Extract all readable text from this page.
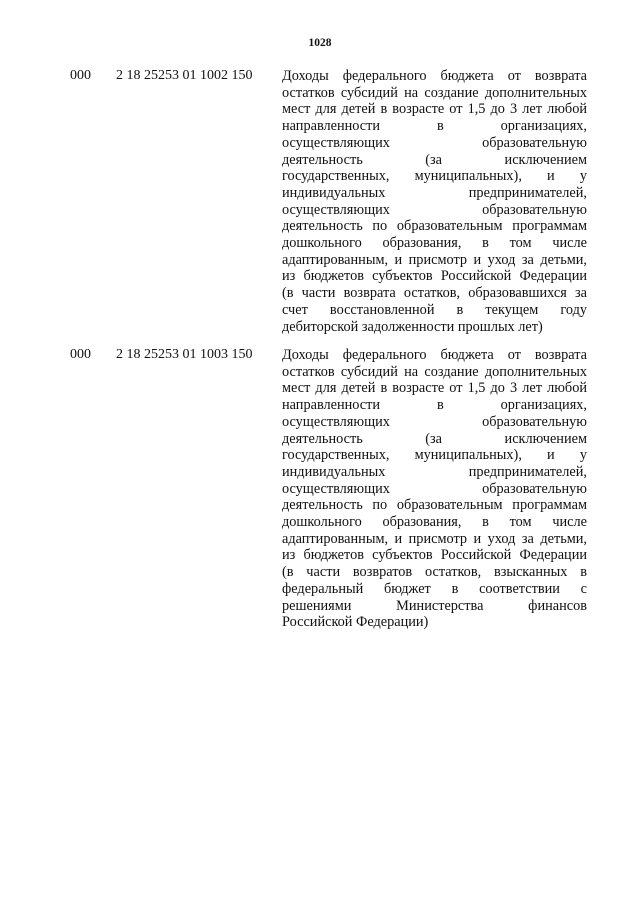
1028
000 2 18 25253 01 1002 150 Доходы федерального бюджета от возврата
остатков субсидий на создание дополнительных
мест для детей в возрасте от 1,5 до 3 лет любой
направленности в организациях,
осуществляющих образовательную
деятельность (за исключением
государственных, муниципальных), и у
индивидуальных предпринимателей,
осуществляющих образовательную
деятельность по образовательным программам
дошкольного образования, в том числе
адаптированным, и присмотр и уход за детьми,
из бюджетов субъектов Российской Федерации
(в части возврата остатков, образовавшихся за
счет восстановленной в текущем году
дебиторской задолженности прошлых лет)
000 2 18 25253 01 1003 150 Доходы федерального бюджета от возврата
остатков субсидий на создание дополнительных
мест для детей в возрасте от 1,5 до 3 лет любой
направленности в организациях,
осуществляющих образовательную
деятельность (за исключением
государственных, муниципальных), и у
индивидуальных предпринимателей,
осуществляющих образовательную
деятельность по образовательным программам
дошкольного образования, в том числе
адаптированным, и присмотр и уход за детьми,
из бюджетов субъектов Российской Федерации
(в части возвратов остатков, взысканных в
федеральный бюджет в соответствии с
решениями Министерства финансов
Российской Федерации)
